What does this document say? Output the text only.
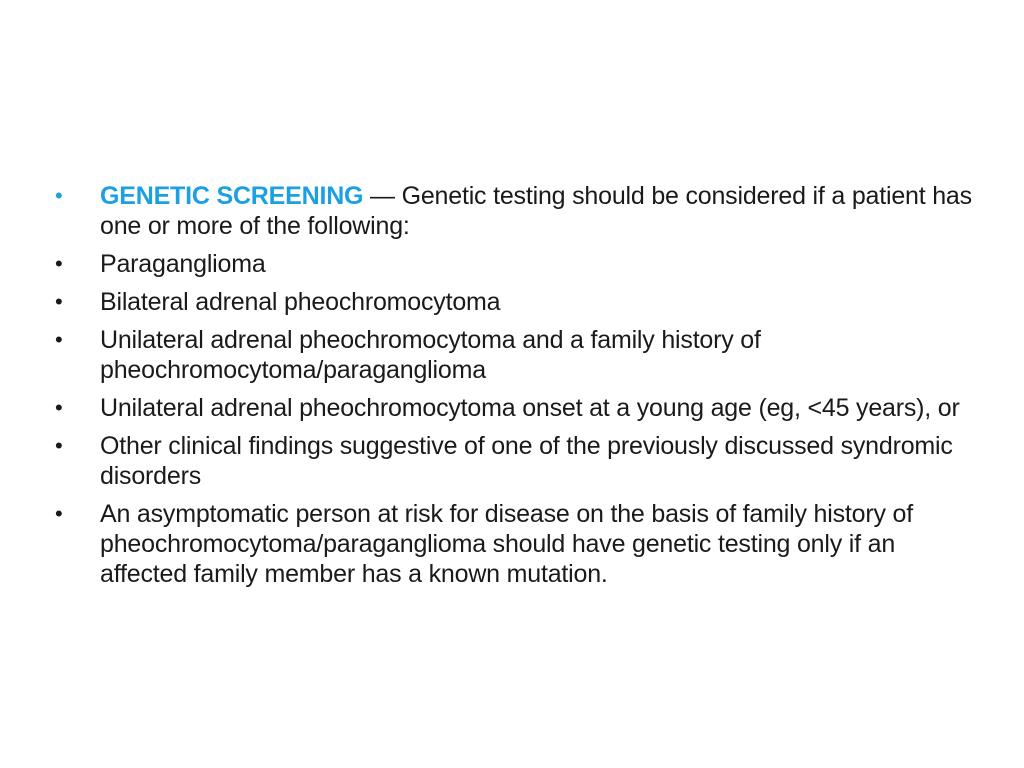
•	GENETIC SCREENING — Genetic testing should be considered if a patient has one or more of the following:
•	Paraganglioma
•	Bilateral adrenal pheochromocytoma
•	Unilateral adrenal pheochromocytoma and a family history of pheochromocytoma/paraganglioma
•	Unilateral adrenal pheochromocytoma onset at a young age (eg, <45 years), or
•	Other clinical findings suggestive of one of the previously discussed syndromic disorders
•	An asymptomatic person at risk for disease on the basis of family history of pheochromocytoma/paraganglioma should have genetic testing only if an affected family member has a known mutation.
